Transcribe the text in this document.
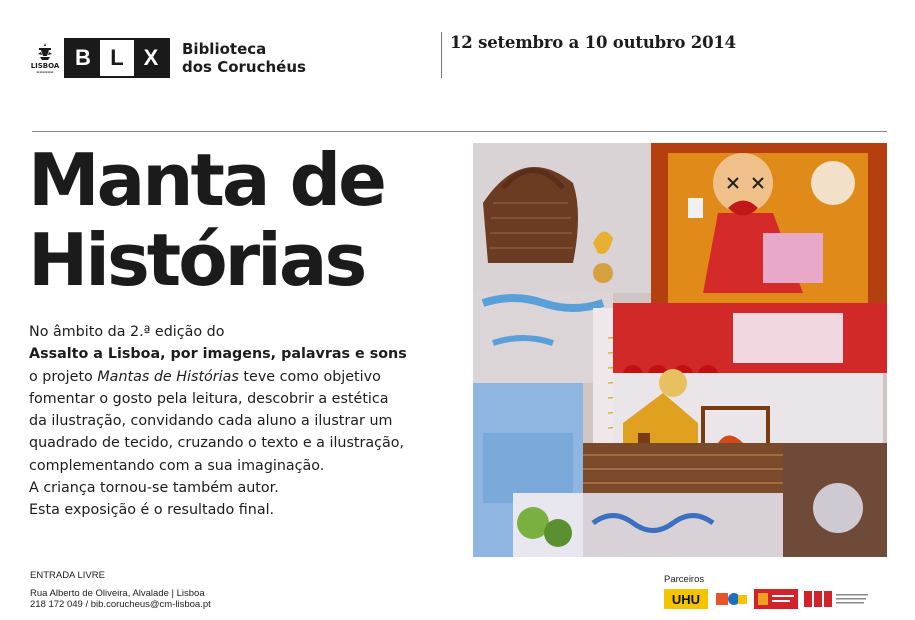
LISBOA
▬▬▬▬▬▬
B L X	Biblioteca
dos Coruchéus
12 setembro a 10 outubro 2014
Manta de
Histórias
No âmbito da 2.ª edição do
Assalto a Lisboa, por imagens, palavras e sons
o projeto Mantas de Histórias teve como objetivo
fomentar o gosto pela leitura, descobrir a estética
da ilustração, convidando cada aluno a ilustrar um
quadrado de tecido, cruzando o texto e a ilustração,
complementando com a sua imaginação.
A criança tornou-se também autor.
Esta exposição é o resultado final.
ENTRADA LIVRE
Rua Alberto de Oliveira, Alvalade | Lisboa
218 172 049 / bib.corucheus@cm-lisboa.pt
Parceiros
UHU
